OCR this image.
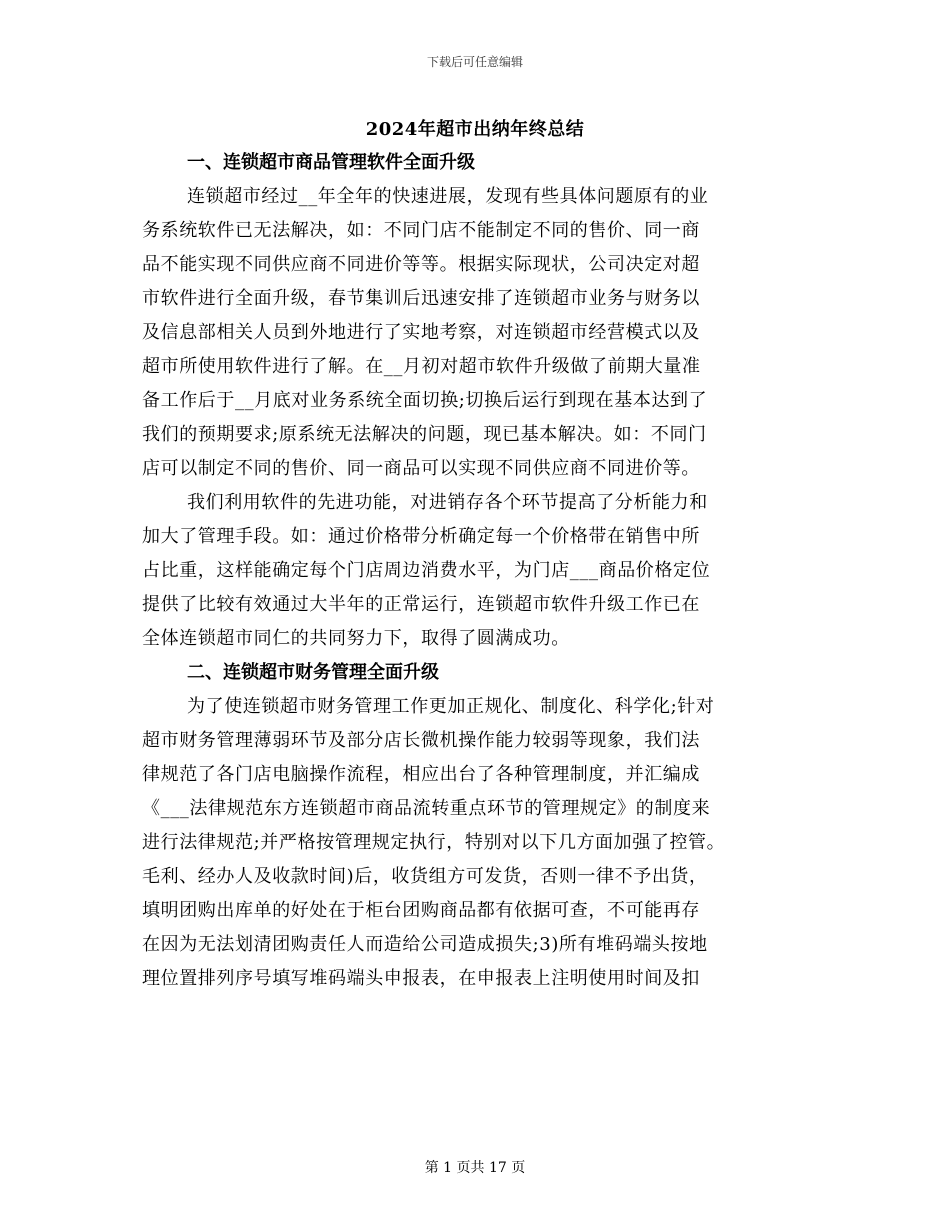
下载后可任意编辑
2024年超市出纳年终总结
一、连锁超市商品管理软件全面升级
连锁超市经过__年全年的快速进展，发现有些具体问题原有的业
务系统软件已无法解决，如：不同门店不能制定不同的售价、同一商
品不能实现不同供应商不同进价等等。根据实际现状，公司决定对超
市软件进行全面升级，春节集训后迅速安排了连锁超市业务与财务以
及信息部相关人员到外地进行了实地考察，对连锁超市经营模式以及
超市所使用软件进行了解。在__月初对超市软件升级做了前期大量准
备工作后于__月底对业务系统全面切换;切换后运行到现在基本达到了
我们的预期要求;原系统无法解决的问题，现已基本解决。如：不同门
店可以制定不同的售价、同一商品可以实现不同供应商不同进价等。
我们利用软件的先进功能，对进销存各个环节提高了分析能力和
加大了管理手段。如：通过价格带分析确定每一个价格带在销售中所
占比重，这样能确定每个门店周边消费水平，为门店___商品价格定位
提供了比较有效通过大半年的正常运行，连锁超市软件升级工作已在
全体连锁超市同仁的共同努力下，取得了圆满成功。
二、连锁超市财务管理全面升级
为了使连锁超市财务管理工作更加正规化、制度化、科学化;针对
超市财务管理薄弱环节及部分店长微机操作能力较弱等现象，我们法
律规范了各门店电脑操作流程，相应出台了各种管理制度，并汇编成
《___法律规范东方连锁超市商品流转重点环节的管理规定》的制度来
进行法律规范;并严格按管理规定执行，特别对以下几方面加强了控管。
毛利、经办人及收款时间)后，收货组方可发货，否则一律不予出货，
填明团购出库单的好处在于柜台团购商品都有依据可查，不可能再存
在因为无法划清团购责任人而造给公司造成损失;3)所有堆码端头按地
理位置排列序号填写堆码端头申报表，在申报表上注明使用时间及扣
第 1 页共 17 页
